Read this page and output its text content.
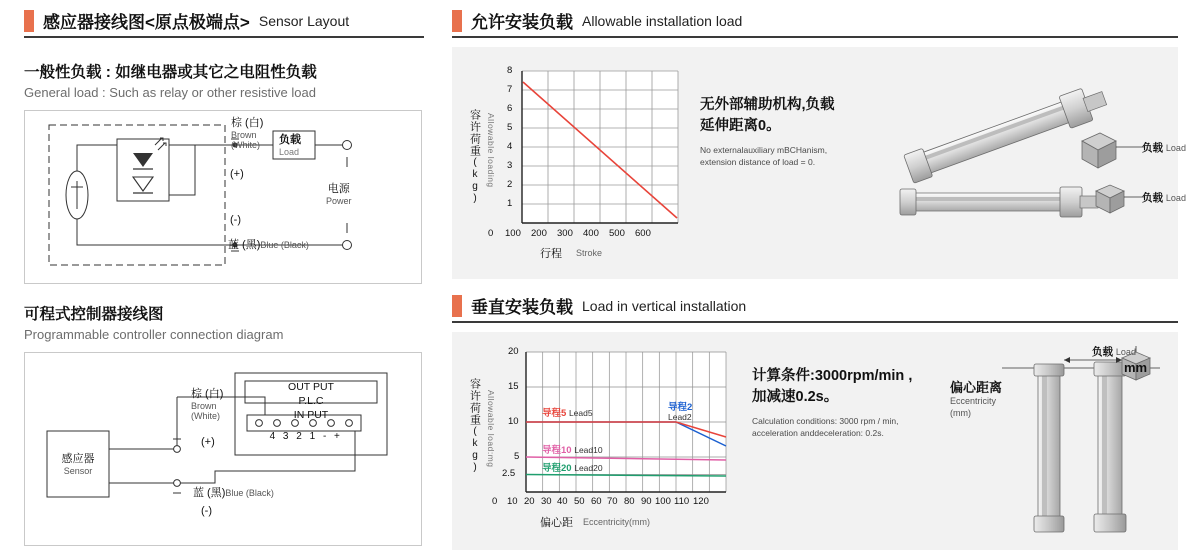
感应器接线图<原点极端点> Sensor Layout
一般性负载 : 如继电器或其它之电阻性负载
General load : Such as relay or other resistive load
棕 (白)
Brown
(White)
(+)
(-)
负载
Load
电源
Power
蓝 (黑)Blue (Black)
可程式控制器接线图
Programmable controller connection diagram
感应器
Sensor
棕 (白)
Brown
(White)
(+)
蓝 (黑)Blue (Black)
(-)
OUT PUT
P.L.C
IN PUT
4 3 2 1 - +
允许安装负载 Allowable installation load
8
7
6
5
4
3
2
1
0 100 200 300 400 500 600
容许荷重(kg) Allowable loading
行程 Stroke
无外部辅助机构,负载
延伸距离0。
No externalauxiliary mBCHanism,
extension distance of load = 0.
负载 Load
负载 Load
垂直安装负载 Load in vertical installation
20
15
10
5
2.5
0 10 20 30 40 50 60 70 80 90 100 110 120
容许荷重(kg) Allowable load:mg
偏心距 Eccentricity(mm)
导程5 Lead5	导程2
Lead2
导程10 Lead10
导程20 Lead20
计算条件:3000rpm/min ,
加减速0.2s。
Calculation conditions: 3000 rpm / min,
acceleration anddeceleration: 0.2s.
负载 Load
mm
偏心距离
Eccentricity
(mm)
